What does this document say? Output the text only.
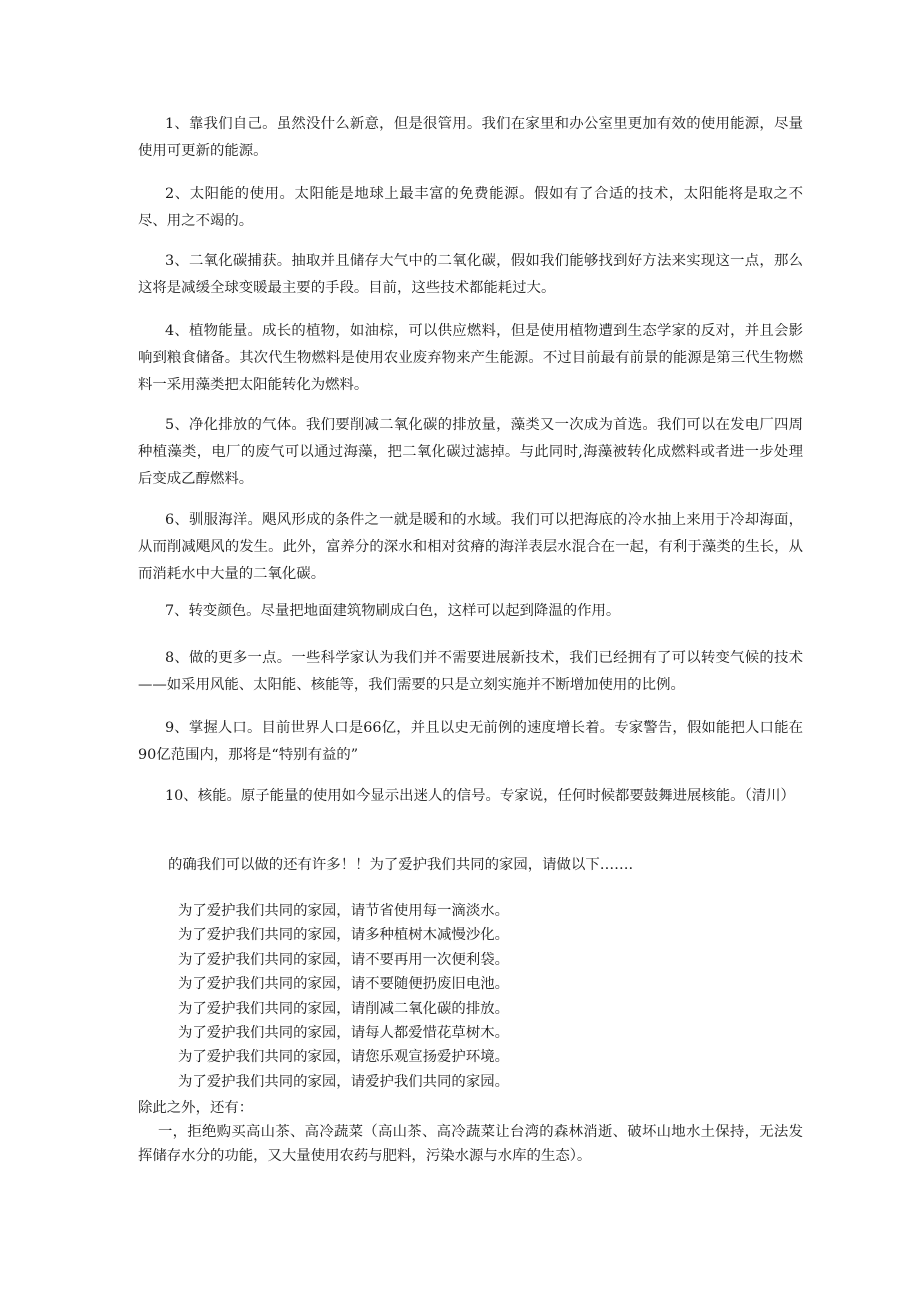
1、靠我们自己。虽然没什么新意，但是很管用。我们在家里和办公室里更加有效的使用能源，尽量使用可更新的能源。

2、太阳能的使用。太阳能是地球上最丰富的免费能源。假如有了合适的技术，太阳能将是取之不尽、用之不竭的。

3、二氧化碳捕获。抽取并且储存大气中的二氧化碳，假如我们能够找到好方法来实现这一点，那么这将是减缓全球变暖最主要的手段。目前，这些技术都能耗过大。

4、植物能量。成长的植物，如油棕，可以供应燃料，但是使用植物遭到生态学家的反对，并且会影响到粮食储备。其次代生物燃料是使用农业废弃物来产生能源。不过目前最有前景的能源是第三代生物燃料一采用藻类把太阳能转化为燃料。

5、净化排放的气体。我们要削减二氧化碳的排放量，藻类又一次成为首选。我们可以在发电厂四周种植藻类，电厂的废气可以通过海藻，把二氧化碳过滤掉。与此同时,海藻被转化成燃料或者进一步处理后变成乙醇燃料。

6、驯服海洋。飓风形成的条件之一就是暖和的水域。我们可以把海底的冷水抽上来用于冷却海面，从而削减飓风的发生。此外，富养分的深水和相对贫瘠的海洋表层水混合在一起，有利于藻类的生长，从而消耗水中大量的二氧化碳。

7、转变颜色。尽量把地面建筑物刷成白色，这样可以起到降温的作用。

8、做的更多一点。一些科学家认为我们并不需要进展新技术，我们已经拥有了可以转变气候的技术——如采用风能、太阳能、核能等，我们需要的只是立刻实施并不断增加使用的比例。

9、掌握人口。目前世界人口是66亿，并且以史无前例的速度增长着。专家警告，假如能把人口能在90亿范围内，那将是“特别有益的”

10、核能。原子能量的使用如今显示出迷人的信号。专家说，任何时候都要鼓舞进展核能。（清川）

的确我们可以做的还有许多！！为了爱护我们共同的家园，请做以下…….

为了爱护我们共同的家园，请节省使用每一滴淡水。
为了爱护我们共同的家园，请多种植树木减慢沙化。
为了爱护我们共同的家园，请不要再用一次便利袋。
为了爱护我们共同的家园，请不要随便扔废旧电池。
为了爱护我们共同的家园，请削减二氧化碳的排放。
为了爱护我们共同的家园，请每人都爱惜花草树木。
为了爱护我们共同的家园，请您乐观宣扬爱护环境。
为了爱护我们共同的家园，请爱护我们共同的家园。

除此之外，还有：

一，拒绝购买高山茶、高冷蔬菜（高山茶、高冷蔬菜让台湾的森林消逝、破坏山地水土保持，无法发挥储存水分的功能，又大量使用农药与肥料，污染水源与水库的生态）。
